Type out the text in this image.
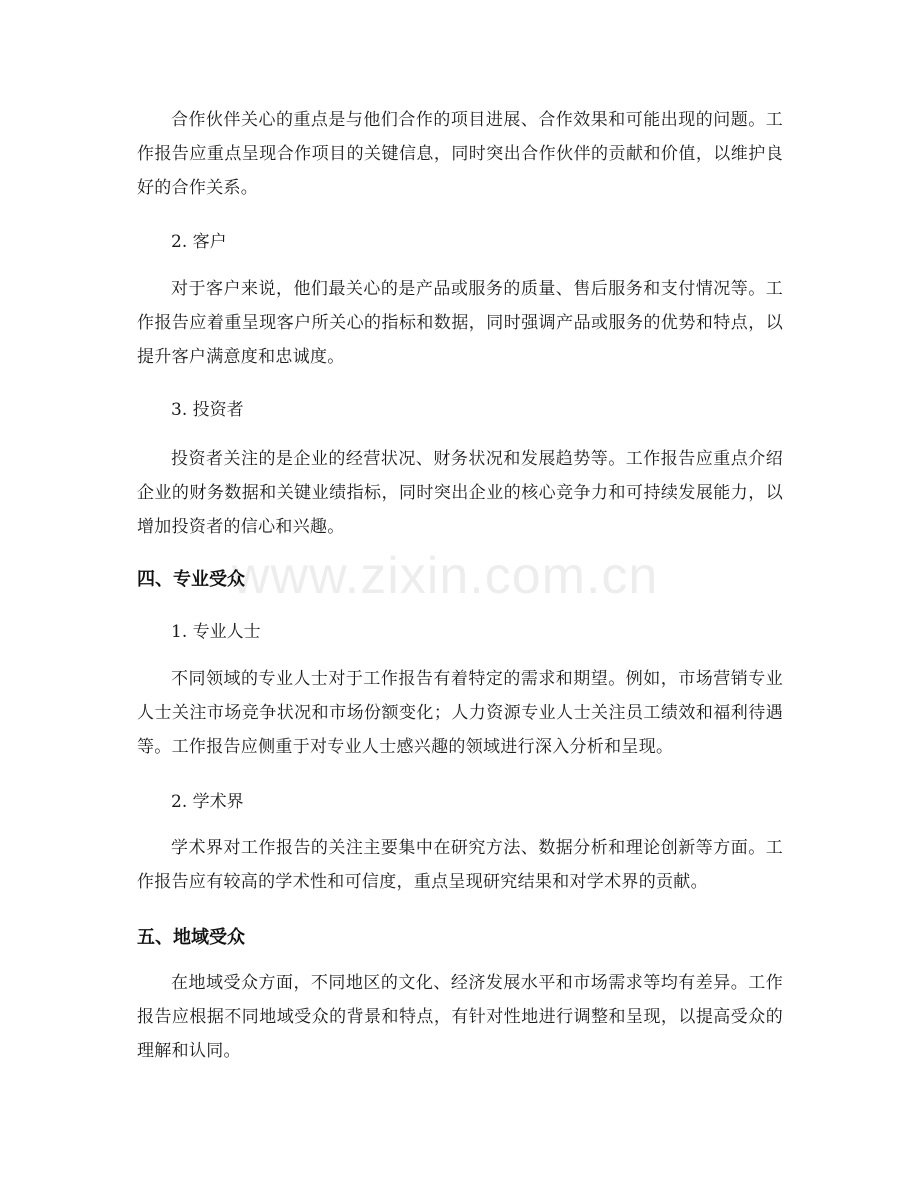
合作伙伴关心的重点是与他们合作的项目进展、合作效果和可能出现的问题。工作报告应重点呈现合作项目的关键信息，同时突出合作伙伴的贡献和价值，以维护良好的合作关系。

2. 客户

对于客户来说，他们最关心的是产品或服务的质量、售后服务和支付情况等。工作报告应着重呈现客户所关心的指标和数据，同时强调产品或服务的优势和特点，以提升客户满意度和忠诚度。

3. 投资者

投资者关注的是企业的经营状况、财务状况和发展趋势等。工作报告应重点介绍企业的财务数据和关键业绩指标，同时突出企业的核心竞争力和可持续发展能力，以增加投资者的信心和兴趣。

四、专业受众

1. 专业人士

不同领域的专业人士对于工作报告有着特定的需求和期望。例如，市场营销专业人士关注市场竞争状况和市场份额变化；人力资源专业人士关注员工绩效和福利待遇等。工作报告应侧重于对专业人士感兴趣的领域进行深入分析和呈现。

2. 学术界

学术界对工作报告的关注主要集中在研究方法、数据分析和理论创新等方面。工作报告应有较高的学术性和可信度，重点呈现研究结果和对学术界的贡献。

五、地域受众

在地域受众方面，不同地区的文化、经济发展水平和市场需求等均有差异。工作报告应根据不同地域受众的背景和特点，有针对性地进行调整和呈现，以提高受众的理解和认同。

www.zixin.com.cn
